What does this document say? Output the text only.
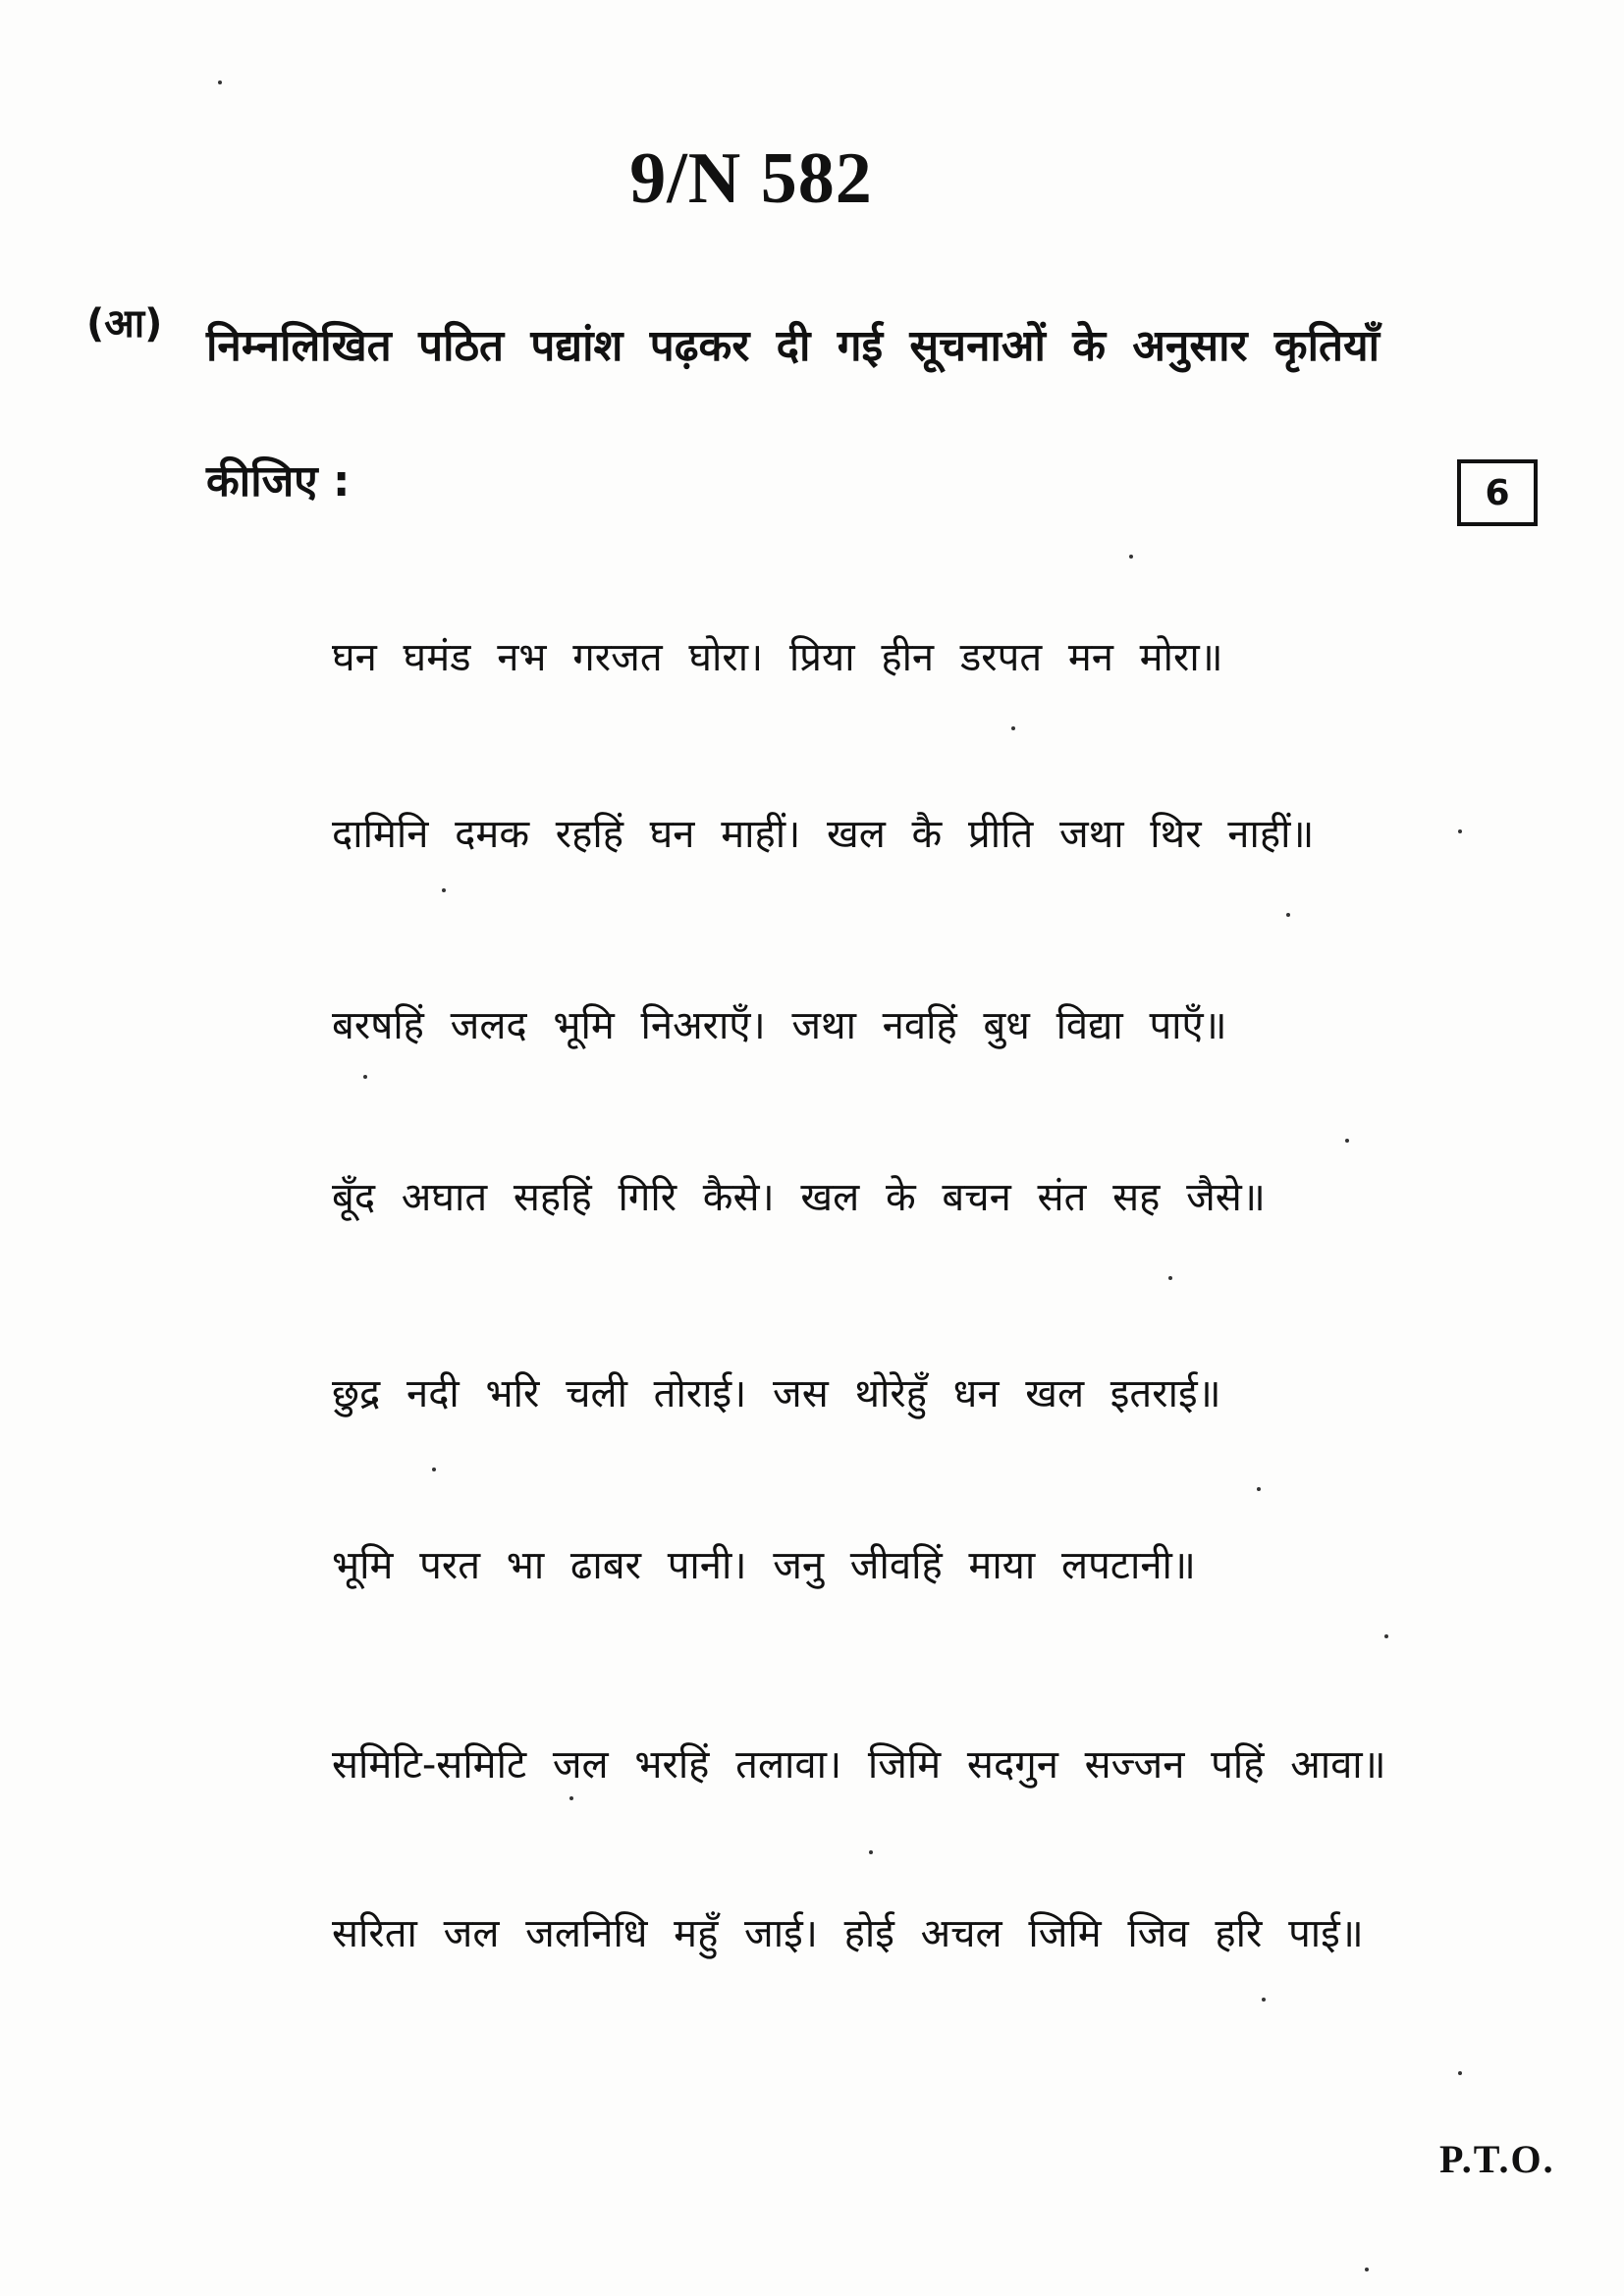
9/N 582
(आ) निम्नलिखित पठित पद्यांश पढ़कर दी गई सूचनाओं के अनुसार कृतियाँ
कीजिए :	6
घन घमंड नभ गरजत घोरा। प्रिया हीन डरपत मन मोरा॥
दामिनि दमक रहहिं घन माहीं। खल कै प्रीति जथा थिर नाहीं॥
बरषहिं जलद भूमि निअराएँ। जथा नवहिं बुध विद्या पाएँ॥
बूँद अघात सहहिं गिरि कैसे। खल के बचन संत सह जैसे॥
छुद्र नदी भरि चली तोराई। जस थोरेहुँ धन खल इतराई॥
भूमि परत भा ढाबर पानी। जनु जीवहिं माया लपटानी॥
समिटि-समिटि जल भरहिं तलावा। जिमि सदगुन सज्जन पहिं आवा॥
सरिता जल जलनिधि महुँ जाई। होई अचल जिमि जिव हरि पाई॥
P.T.O.
